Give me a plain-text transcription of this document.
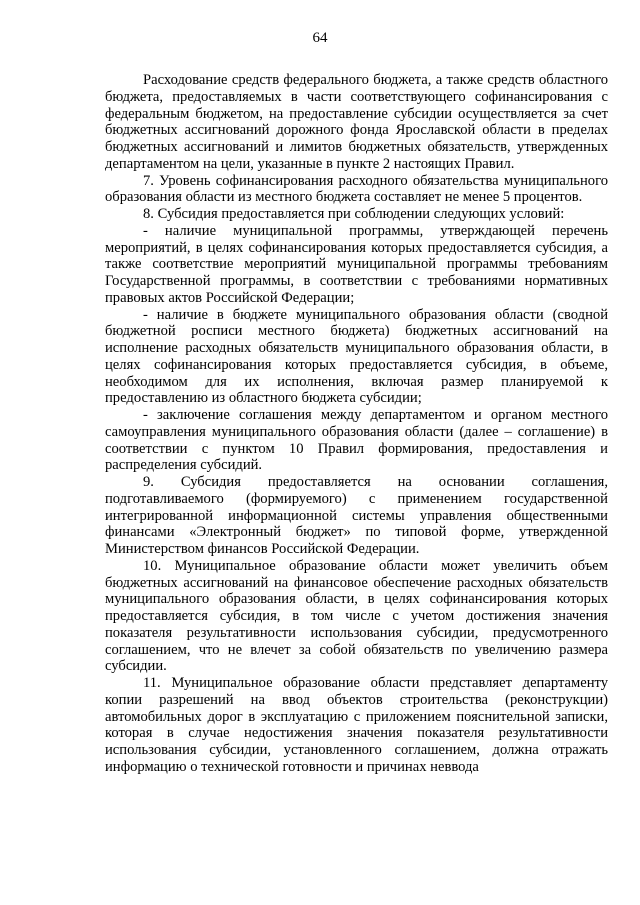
64

Расходование средств федерального бюджета, а также средств областного бюджета, предоставляемых в части соответствующего софинансирования с федеральным бюджетом, на предоставление субсидии осуществляется за счет бюджетных ассигнований дорожного фонда Ярославской области в пределах бюджетных ассигнований и лимитов бюджетных обязательств, утвержденных департаментом на цели, указанные в пункте 2 настоящих Правил.

7. Уровень софинансирования расходного обязательства муниципального образования области из местного бюджета составляет не менее 5 процентов.

8. Субсидия предоставляется при соблюдении следующих условий:

- наличие муниципальной программы, утверждающей перечень мероприятий, в целях софинансирования которых предоставляется субсидия, а также соответствие мероприятий муниципальной программы требованиям Государственной программы, в соответствии с требованиями нормативных правовых актов Российской Федерации;

- наличие в бюджете муниципального образования области (сводной бюджетной росписи местного бюджета) бюджетных ассигнований на исполнение расходных обязательств муниципального образования области, в целях софинансирования которых предоставляется субсидия, в объеме, необходимом для их исполнения, включая размер планируемой к предоставлению из областного бюджета субсидии;

- заключение соглашения между департаментом и органом местного самоуправления муниципального образования области (далее – соглашение) в соответствии с пунктом 10 Правил формирования, предоставления и распределения субсидий.

9. Субсидия предоставляется на основании соглашения, подготавливаемого (формируемого) с применением государственной интегрированной информационной системы управления общественными финансами «Электронный бюджет» по типовой форме, утвержденной Министерством финансов Российской Федерации.

10. Муниципальное образование области может увеличить объем бюджетных ассигнований на финансовое обеспечение расходных обязательств муниципального образования области, в целях софинансирования которых предоставляется субсидия, в том числе с учетом достижения значения показателя результативности использования субсидии, предусмотренного соглашением, что не влечет за собой обязательств по увеличению размера субсидии.

11. Муниципальное образование области представляет департаменту копии разрешений на ввод объектов строительства (реконструкции) автомобильных дорог в эксплуатацию с приложением пояснительной записки, которая в случае недостижения значения показателя результативности использования субсидии, установленного соглашением, должна отражать информацию о технической готовности и причинах неввода
